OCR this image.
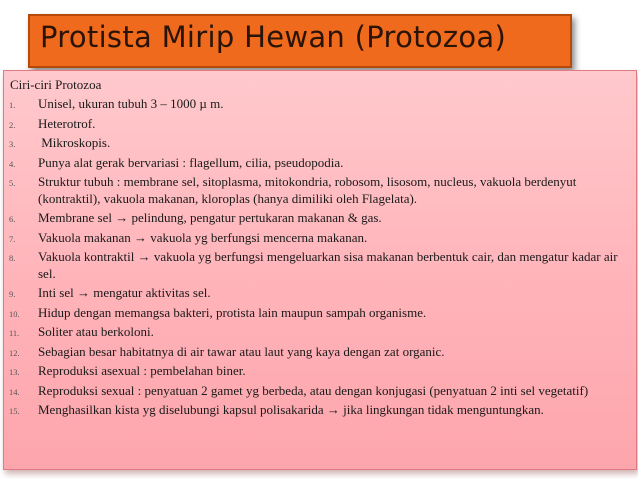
Protista Mirip Hewan (Protozoa)
Ciri-ciri Protozoa
1. Unisel, ukuran tubuh 3 – 1000 µ m.
2. Heterotrof.
3. Mikroskopis.
4. Punya alat gerak bervariasi : flagellum, cilia, pseudopodia.
5. Struktur tubuh : membrane sel, sitoplasma, mitokondria, robosom, lisosom, nucleus, vakuola berdenyut (kontraktil), vakuola makanan, kloroplas (hanya dimiliki oleh Flagelata).
6. Membrane sel → pelindung, pengatur pertukaran makanan & gas.
7. Vakuola makanan → vakuola yg berfungsi mencerna makanan.
8. Vakuola kontraktil → vakuola yg berfungsi mengeluarkan sisa makanan berbentuk cair, dan mengatur kadar air sel.
9. Inti sel → mengatur aktivitas sel.
10. Hidup dengan memangsa bakteri, protista lain maupun sampah organisme.
11. Soliter atau berkoloni.
12. Sebagian besar habitatnya di air tawar atau laut yang kaya dengan zat organic.
13. Reproduksi asexual : pembelahan biner.
14. Reproduksi sexual : penyatuan 2 gamet yg berbeda, atau dengan konjugasi (penyatuan 2 inti sel vegetatif)
15. Menghasilkan kista yg diselubungi kapsul polisakarida → jika lingkungan tidak menguntungkan.
